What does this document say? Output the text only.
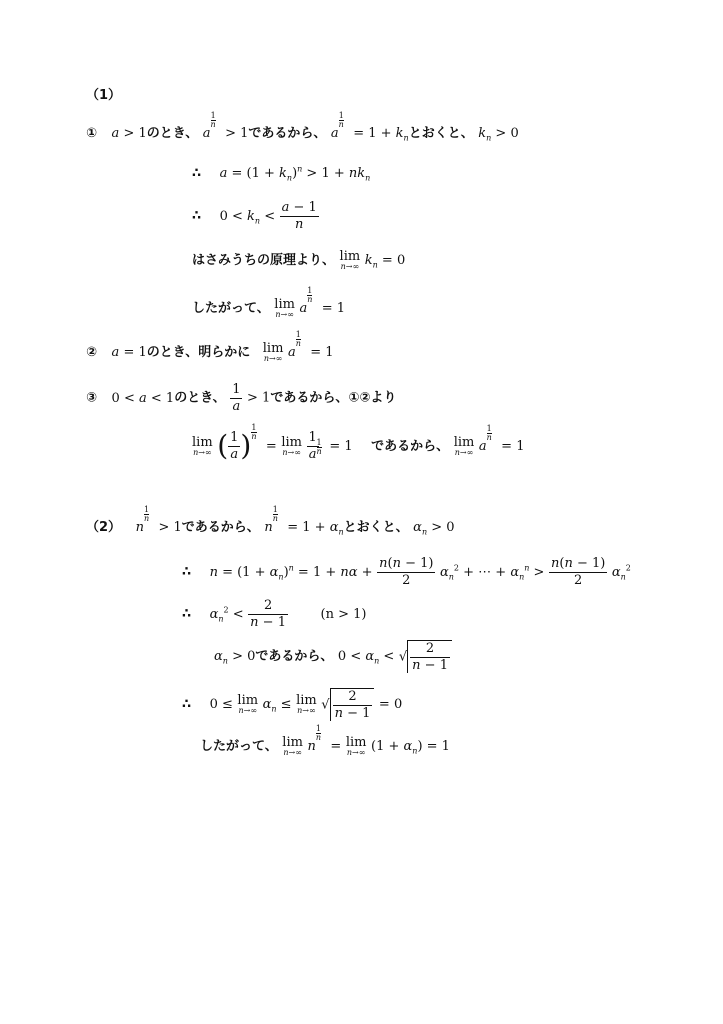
（1）
① a > 1のとき、 a
1
n
> 1であるから、 a
1
n
= $1 + k_n$とおくと、 $k_n > 0$
∴ $a = (1 + k_n)^n > 1 + nk_n$
∴ $0 < k_n < \frac{a - 1}{n}$
はさみうちの原理より、 lim
n→∞ $k_n = 0$
したがって、 lim
n→∞ a
1
n
= 1
② a = 1のとき、明らかに lim
n→∞ a
1
n
= 1
③ 0 < a < 1のとき、 $\frac{1}{a} > 1$であるから、①②より
lim
n→∞ ( $\frac{1}{a}$ )
1
n
= lim
n→∞
1
a
1
n = 1 であるから、 lim
n→∞ a
1
n
= 1
（2） n
1
n
> 1であるから、 n
1
n
= $1 + \alpha_n$とおくと、 $\alpha_n > 0$
∴ $n = (1 + \alpha_n)^n = 1 + n\alpha + \frac{n(n - 1)}{2} \alpha_n^2$ + ⋯ + $\alpha_n^n > \frac{n(n - 1)}{2} \alpha_n^2$
∴ $\alpha_n^2 < \frac{2}{n - 1}$	(n > 1)
$\alpha_n > 0$であるから、 $0 < \alpha_n$ < √ $\frac{2}{n - 1}$
∴ 0 ≤ lim
n→∞ $\alpha_n \le \lim$
n→∞ √ $\frac{2}{n - 1} = 0$
したがって、 lim
n→∞ n
1
n
= lim
n→∞ $(1 + \alpha_n) = 1$
